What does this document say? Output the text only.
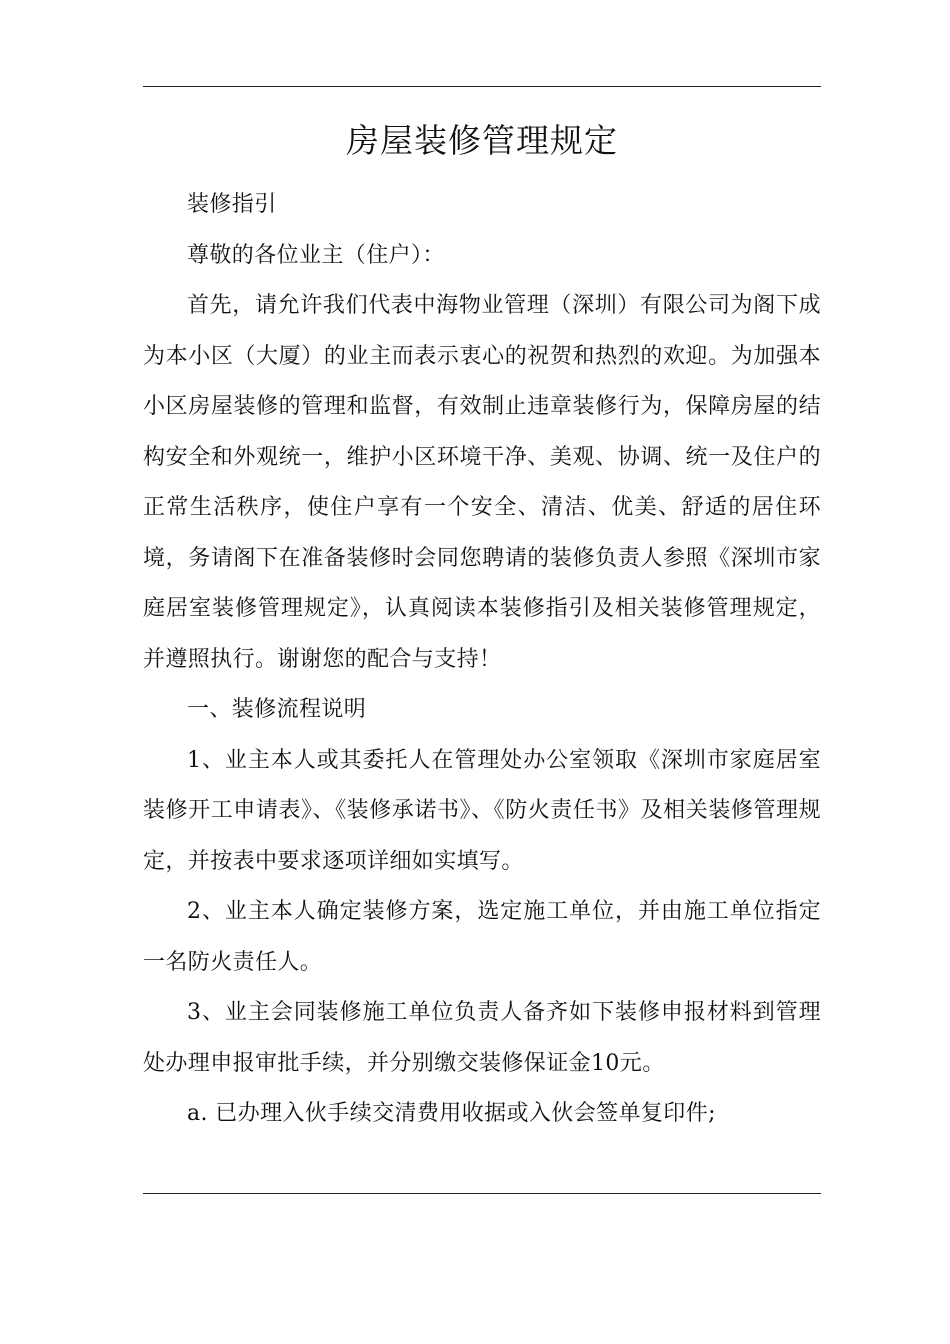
房屋装修管理规定

装修指引

尊敬的各位业主（住户）：

首先，请允许我们代表中海物业管理（深圳）有限公司为阁下成为本小区（大厦）的业主而表示衷心的祝贺和热烈的欢迎。为加强本小区房屋装修的管理和监督，有效制止违章装修行为，保障房屋的结构安全和外观统一，维护小区环境干净、美观、协调、统一及住户的正常生活秩序，使住户享有一个安全、清洁、优美、舒适的居住环境，务请阁下在准备装修时会同您聘请的装修负责人参照《深圳市家庭居室装修管理规定》，认真阅读本装修指引及相关装修管理规定，并遵照执行。谢谢您的配合与支持！

一、装修流程说明

1、业主本人或其委托人在管理处办公室领取《深圳市家庭居室装修开工申请表》、《装修承诺书》、《防火责任书》及相关装修管理规定，并按表中要求逐项详细如实填写。

2、业主本人确定装修方案，选定施工单位，并由施工单位指定一名防火责任人。

3、业主会同装修施工单位负责人备齐如下装修申报材料到管理处办理申报审批手续，并分别缴交装修保证金10元。

a. 已办理入伙手续交清费用收据或入伙会签单复印件;
